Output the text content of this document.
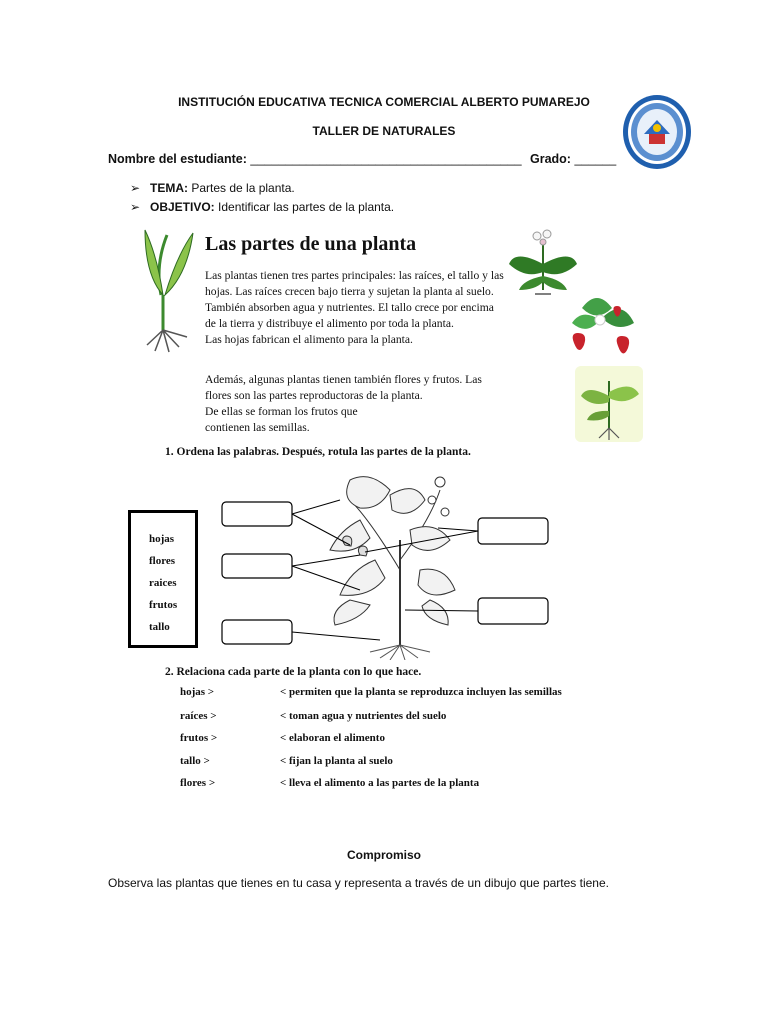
INSTITUCIÓN EDUCATIVA TECNICA COMERCIAL ALBERTO PUMAREJO
TALLER DE NATURALES
Nombre del estudiante: _______________________________________ Grado: ______
➢ TEMA: Partes de la planta.
➢ OBJETIVO: Identificar las partes de la planta.
Las partes de una planta
Las plantas tienen tres partes principales: las raíces, el tallo y las hojas. Las raíces crecen bajo tierra y sujetan la planta al suelo. También absorben agua y nutrientes. El tallo crece por encima de la tierra y distribuye el alimento por toda la planta.
Las hojas fabrican el alimento para la planta.
Además, algunas plantas tienen también flores y frutos. Las flores son las partes reproductoras de la planta.
De ellas se forman los frutos que
contienen las semillas.
1. Ordena las palabras. Después, rotula las partes de la planta.
hojas
flores
raices
frutos
tallo
2. Relaciona cada parte de la planta con lo que hace.
hojas >	< permiten que la planta se reproduzca incluyen las semillas
raíces >	< toman agua y nutrientes del suelo
frutos >	< elaboran el alimento
tallo >	< fijan la planta al suelo
flores >	< lleva el alimento a las partes de la planta
Compromiso
Observa las plantas que tienes en tu casa y representa a través de un dibujo que partes tiene.
